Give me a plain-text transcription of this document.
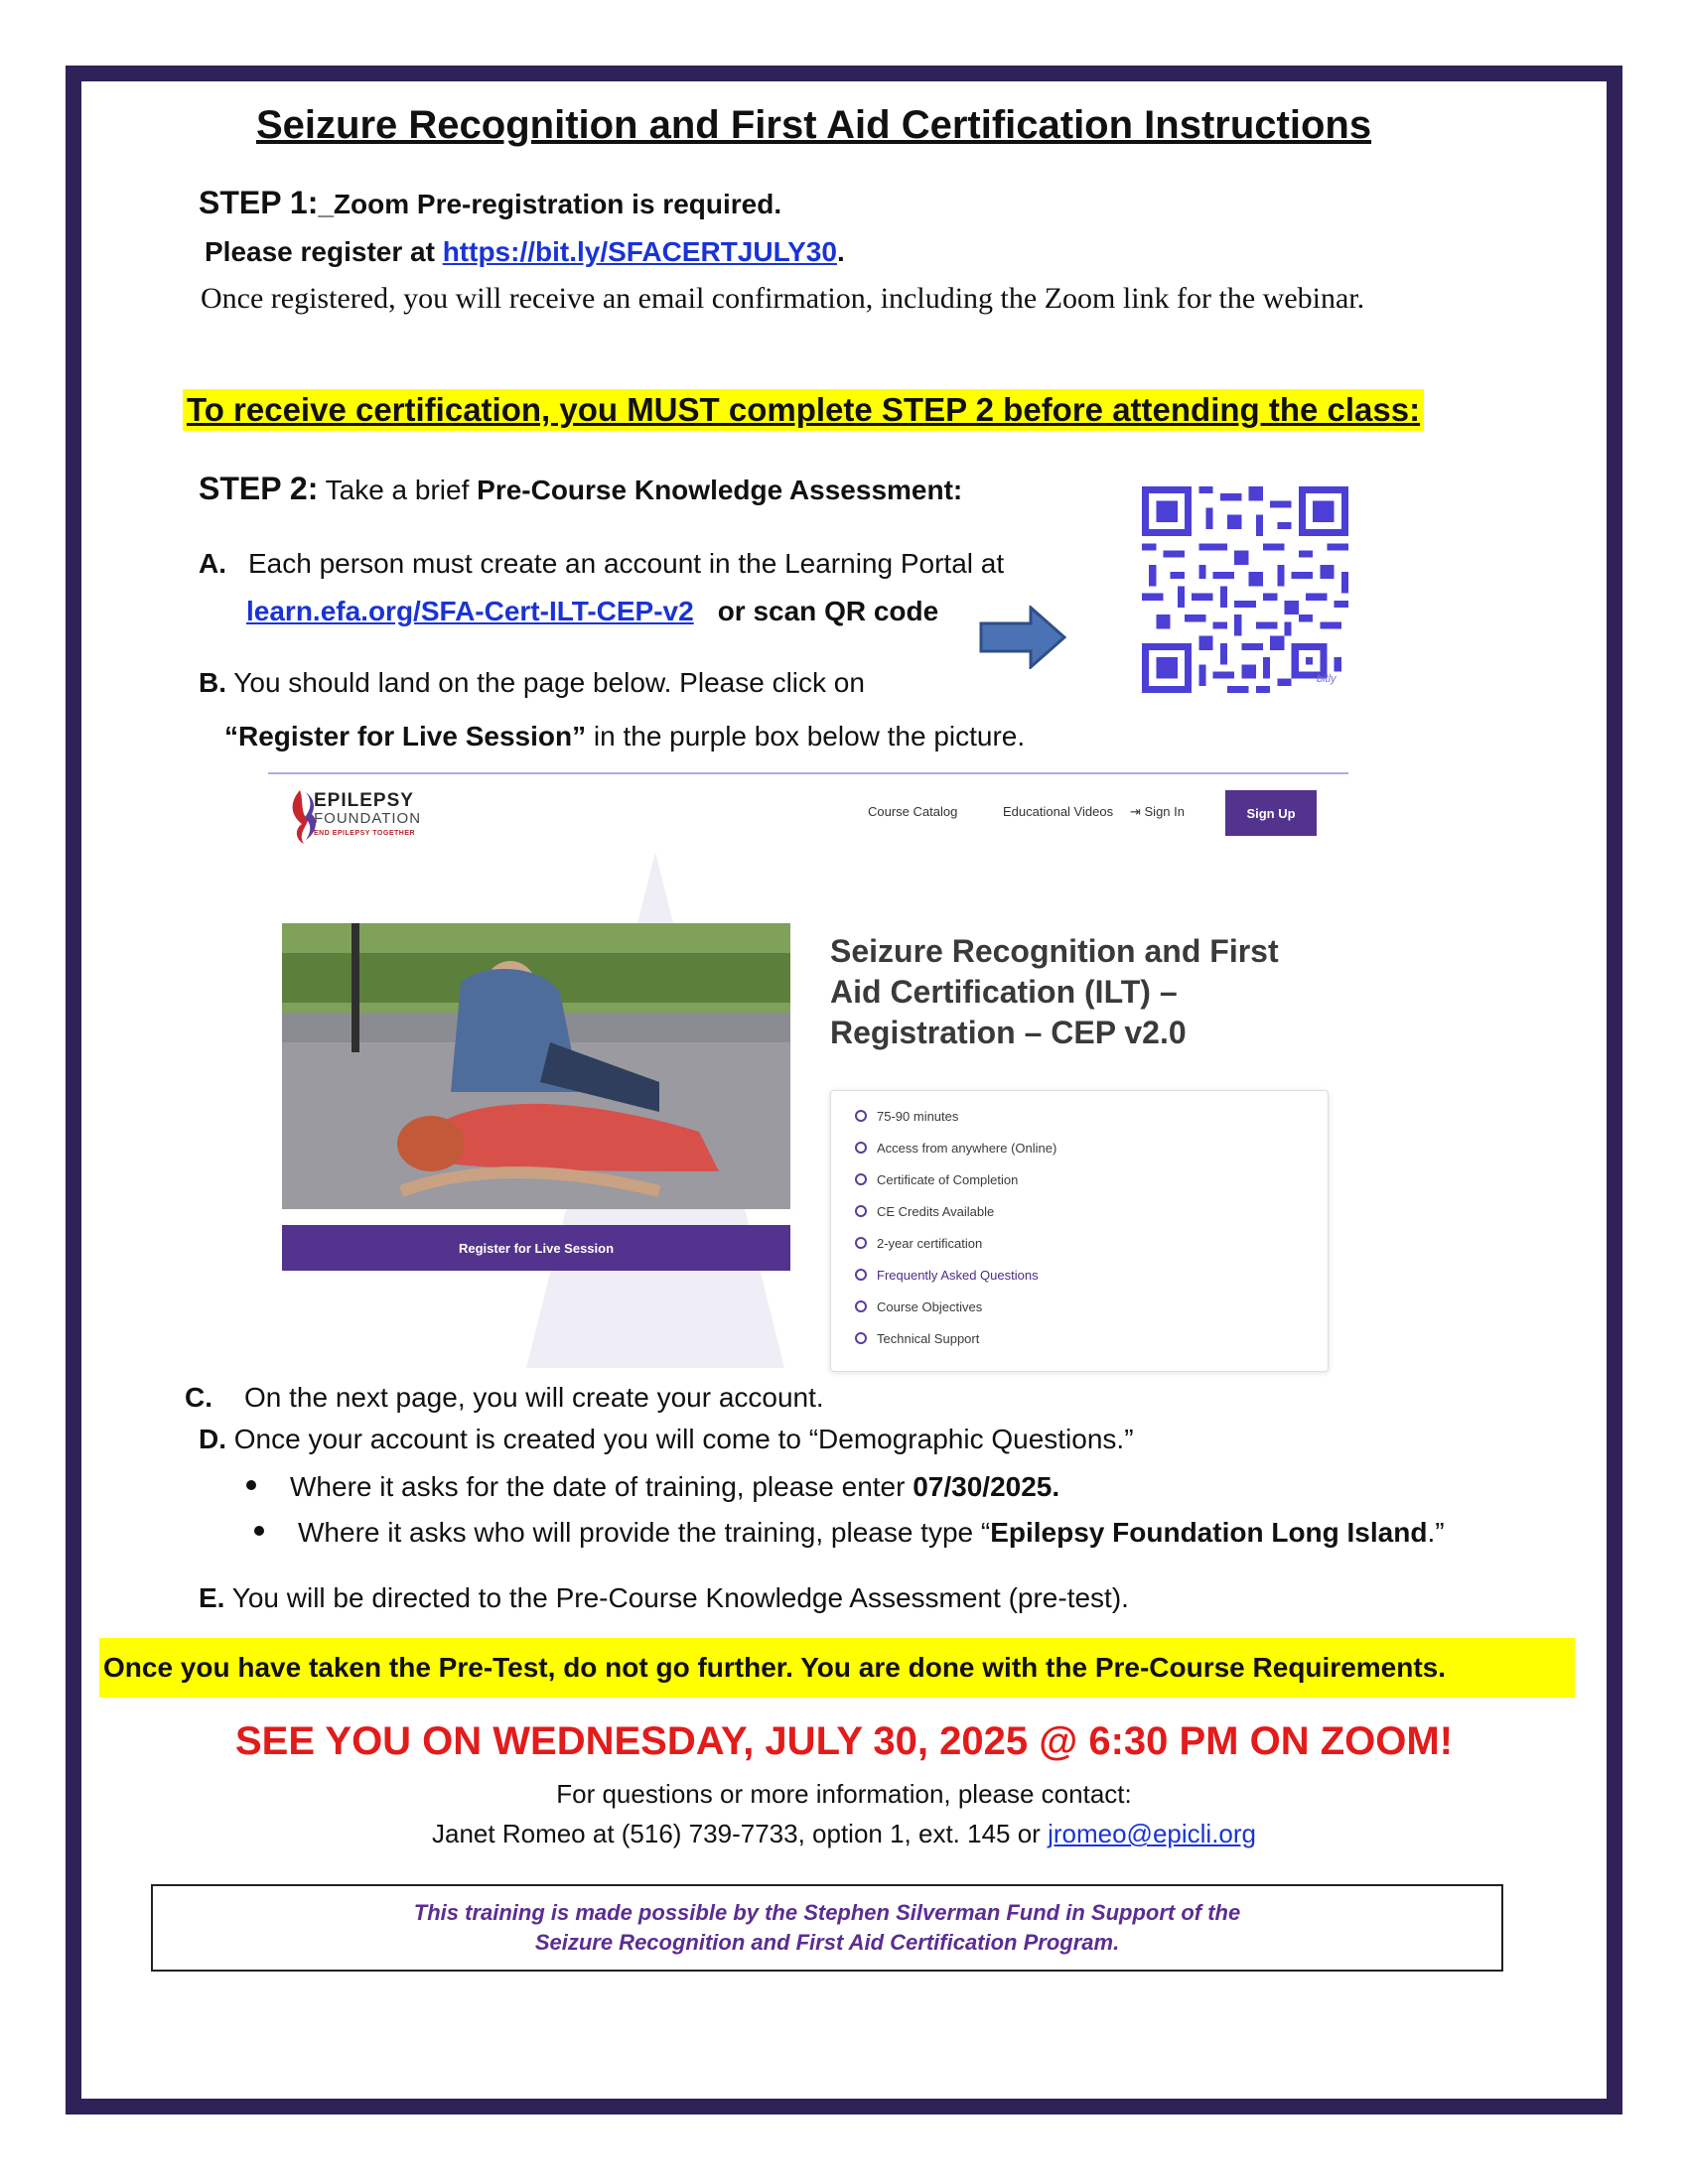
Seizure Recognition and First Aid Certification Instructions
STEP 1:_Zoom Pre-registration is required.
Please register at https://bit.ly/SFACERTJULY30.
Once registered, you will receive an email confirmation, including the Zoom link for the webinar.
To receive certification, you MUST complete STEP 2 before attending the class:
STEP 2: Take a brief Pre-Course Knowledge Assessment:
A. Each person must create an account in the Learning Portal at
learn.efa.org/SFA-Cert-ILT-CEP-v2 or scan QR code
bitly
B. You should land on the page below. Please click on
“Register for Live Session” in the purple box below the picture.
EPILEPSY
FOUNDATION
END EPILEPSY TOGETHER
Course Catalog	Educational Videos ⇥ Sign In	Sign Up
Register for Live Session
Seizure Recognition and First Aid Certification (ILT) – Registration – CEP v2.0
75-90 minutes
Access from anywhere (Online)
Certificate of Completion
CE Credits Available
2-year certification
Frequently Asked Questions
Course Objectives
Technical Support
C. On the next page, you will create your account.
D. Once your account is created you will come to “Demographic Questions.”
Where it asks for the date of training, please enter 07/30/2025.
Where it asks who will provide the training, please type “Epilepsy Foundation Long Island.”
E. You will be directed to the Pre-Course Knowledge Assessment (pre-test).
Once you have taken the Pre-Test, do not go further. You are done with the Pre-Course Requirements.
SEE YOU ON WEDNESDAY, JULY 30, 2025 @ 6:30 PM ON ZOOM!
For questions or more information, please contact:
Janet Romeo at (516) 739-7733, option 1, ext. 145 or jromeo@epicli.org
This training is made possible by the Stephen Silverman Fund in Support of the
Seizure Recognition and First Aid Certification Program.
